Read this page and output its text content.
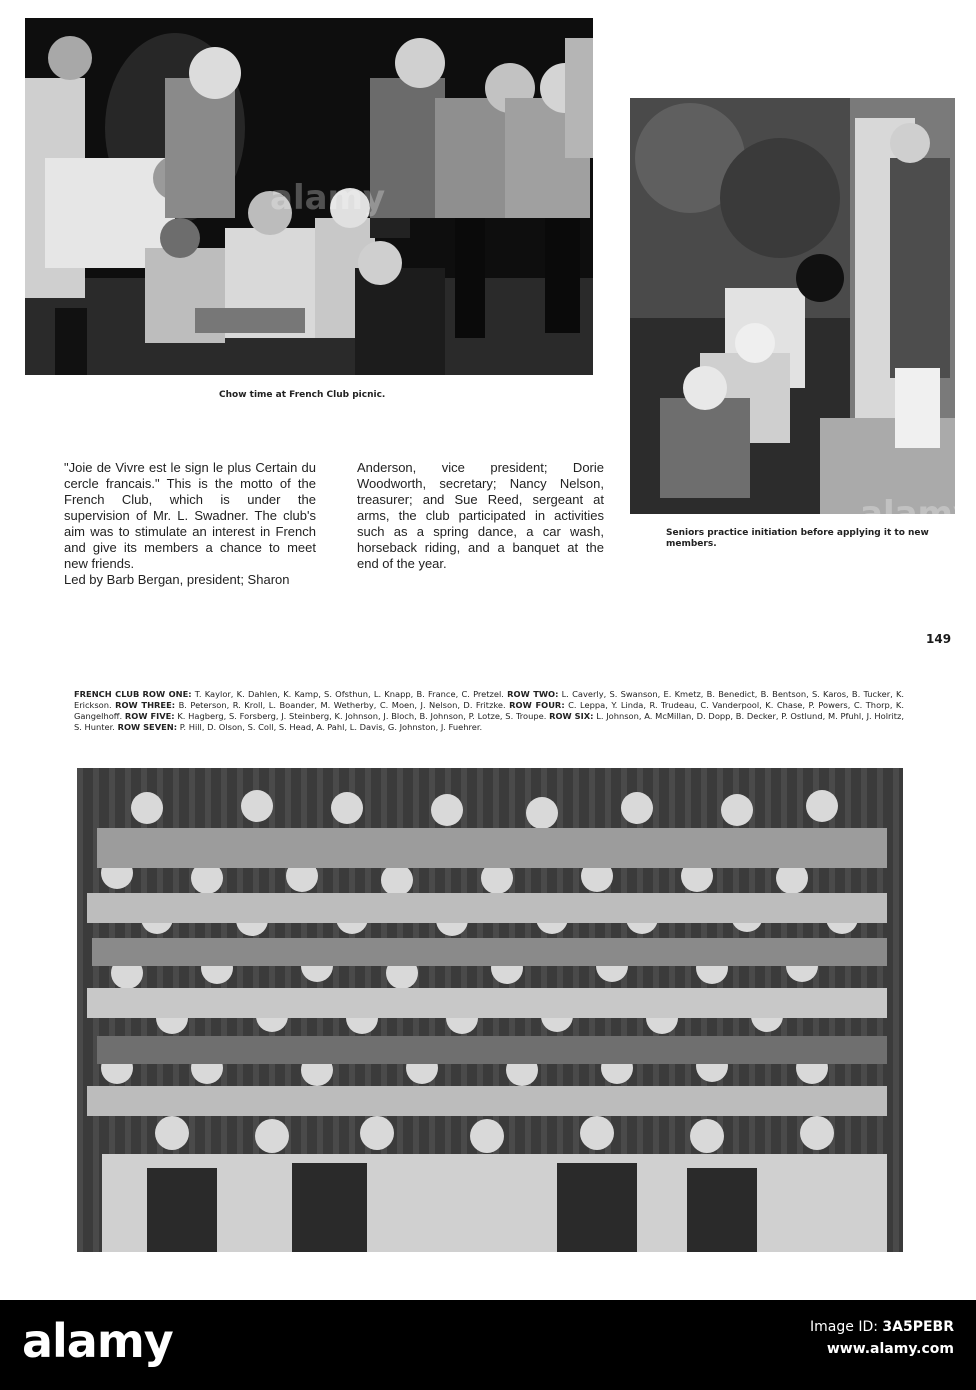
alamy
Chow time at French Club picnic.
alamy
Seniors practice initiation before applying it to new members.

"Joie de Vivre est le sign le plus Certain du cercle francais." This is the motto of the French Club, which is under the supervision of Mr. L. Swadner. The club's aim was to stimulate an interest in French and give its members a chance to meet new friends.

Led by Barb Bergan, president; Sharon

Anderson, vice president; Dorie Woodworth, secretary; Nancy Nelson, treasurer; and Sue Reed, sergeant at arms, the club participated in activities such as a spring dance, a car wash, horseback riding, and a banquet at the end of the year.

149
FRENCH CLUB ROW ONE: T. Kaylor, K. Dahlen, K. Kamp, S. Ofsthun, L. Knapp, B. France, C. Pretzel. ROW TWO: L. Caverly, S. Swanson, E. Kmetz, B. Benedict, B. Bentson, S. Karos, B. Tucker, K. Erickson. ROW THREE: B. Peterson, R. Kroll, L. Boander, M. Wetherby, C. Moen, J. Nelson, D. Fritzke. ROW FOUR: C. Leppa, Y. Linda, R. Trudeau, C. Vanderpool, K. Chase, P. Powers, C. Thorp, K. Gangelhoff. ROW FIVE: K. Hagberg, S. Forsberg, J. Steinberg, K. Johnson, J. Bloch, B. Johnson, P. Lotze, S. Troupe. ROW SIX: L. Johnson, A. McMillan, D. Dopp, B. Decker, P. Ostlund, M. Pfuhl, J. Holritz, S. Hunter. ROW SEVEN: P. Hill, D. Olson, S. Coll, S. Head, A. Pahl, L. Davis, G. Johnston, J. Fuehrer.
alamy	Image ID: 3A5PEBR
www.alamy.com
